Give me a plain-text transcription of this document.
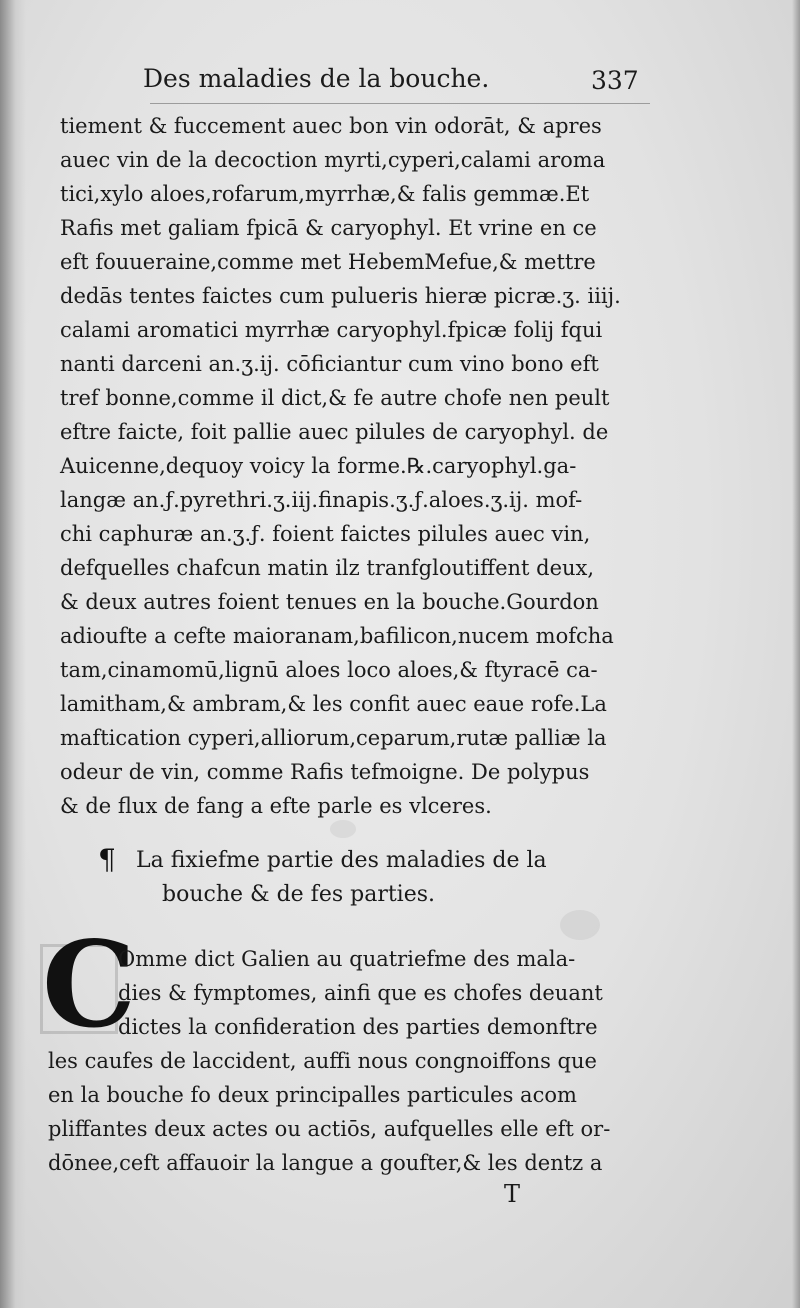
Des maladies de la bouche.	337
tiement & fuccement auec bon vin odorāt, & apres
auec vin de la decoction myrti,cyperi,calami aroma
tici,xylo aloes,rofarum,myrrhæ,& falis gemmæ.Et
Rafis met galiam fpicā & caryophyl. Et vrine en ce
eft fouueraine,comme met HebemMefue,& mettre
dedās tentes faictes cum pulueris hieræ picræ.ʒ. iiij.
calami aromatici myrrhæ caryophyl.fpicæ folij fqui
nanti darceni an.ʒ.ij. cōficiantur cum vino bono eft
tref bonne,comme il dict,& fe autre chofe nen peult
eftre faicte, foit pallie auec pilules de caryophyl. de
Auicenne,dequoy voicy la forme.℞.caryophyl.ga-
langæ an.ƒ.pyrethri.ʒ.iij.finapis.ʒ.ƒ.aloes.ʒ.ij. mof-
chi caphuræ an.ʒ.ƒ. foient faictes pilules auec vin,
defquelles chafcun matin ilz tranfgloutiffent deux,
& deux autres foient tenues en la bouche.Gourdon
adioufte a cefte maioranam,bafilicon,nucem mofcha
tam,cinamomū,lignū aloes loco aloes,& ftyracē ca-
lamitham,& ambram,& les confit auec eaue rofe.La
maftication cyperi,alliorum,ceparum,rutæ palliæ la
odeur de vin, comme Rafis tefmoigne. De polypus
& de flux de fang a efte parle es vlceres.
¶ La fixiefme partie des maladies de la
bouche & de fes parties.
C
Omme dict Galien au quatriefme des mala-
dies & fymptomes, ainfi que es chofes deuant
dictes la confideration des parties demonftre
les caufes de laccident, auffi nous congnoiffons que
en la bouche fo deux principalles particules acom
pliffantes deux actes ou actiōs, aufquelles elle eft or-
dōnee,ceft affauoir la langue a goufter,& les dentz a
T
